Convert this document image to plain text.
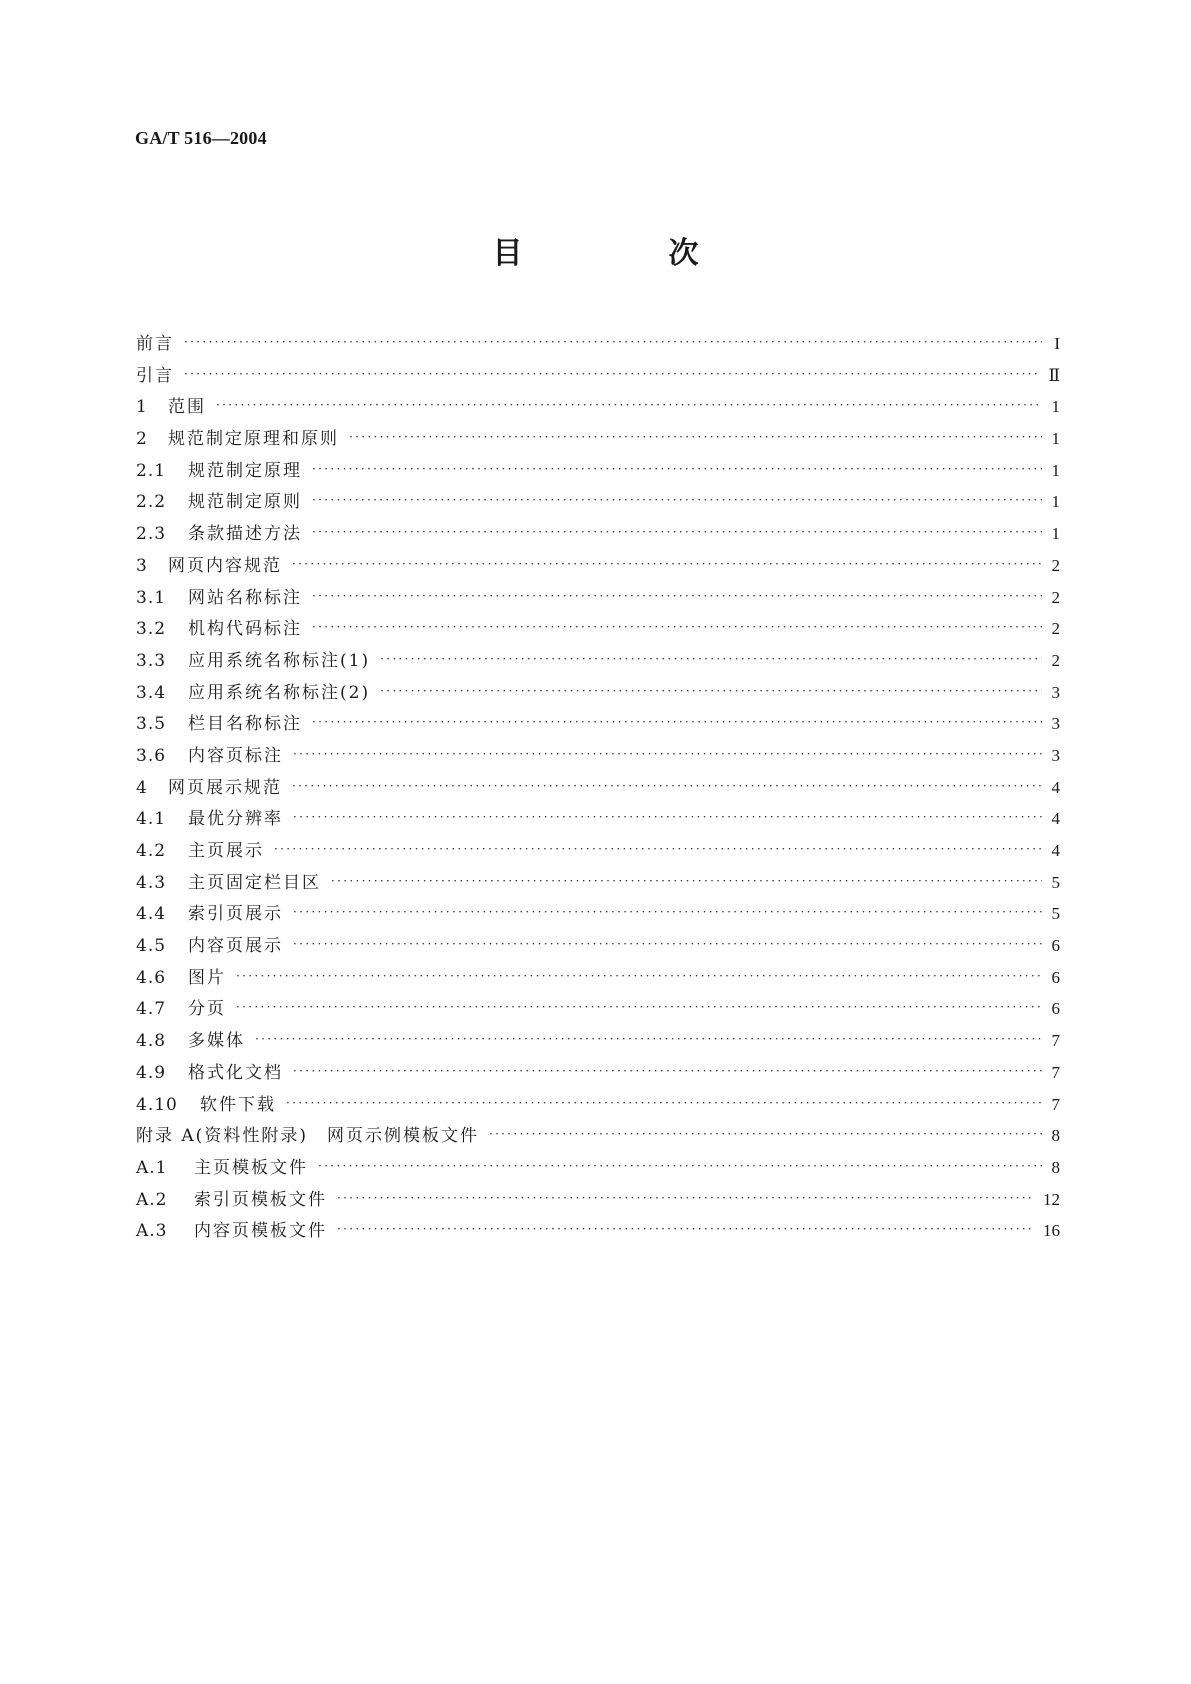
GA/T 516—2004
目　次
前言 ·····	I
引言 ·····	Ⅱ
1	范围 ·····	1
2	规范制定原理和原则 ·····	1
2.1	规范制定原理 ·····	1
2.2	规范制定原则 ·····	1
2.3	条款描述方法 ·····	1
3	网页内容规范 ·····	2
3.1	网站名称标注 ·····	2
3.2	机构代码标注 ·····	2
3.3	应用系统名称标注(1) ·····	2
3.4	应用系统名称标注(2) ·····	3
3.5	栏目名称标注 ·····	3
3.6	内容页标注 ·····	3
4	网页展示规范 ·····	4
4.1	最优分辨率 ·····	4
4.2	主页展示 ·····	4
4.3	主页固定栏目区 ·····	5
4.4	索引页展示 ·····	5
4.5	内容页展示 ·····	6
4.6	图片 ·····	6
4.7	分页 ·····	6
4.8	多媒体 ·····	7
4.9	格式化文档 ·····	7
4.10	软件下载 ·····	7
附录 A(资料性附录)　网页示例模板文件 ·····	8
A.1	主页模板文件 ·····	8
A.2	索引页模板文件 ·····	12
A.3	内容页模板文件 ·····	16
